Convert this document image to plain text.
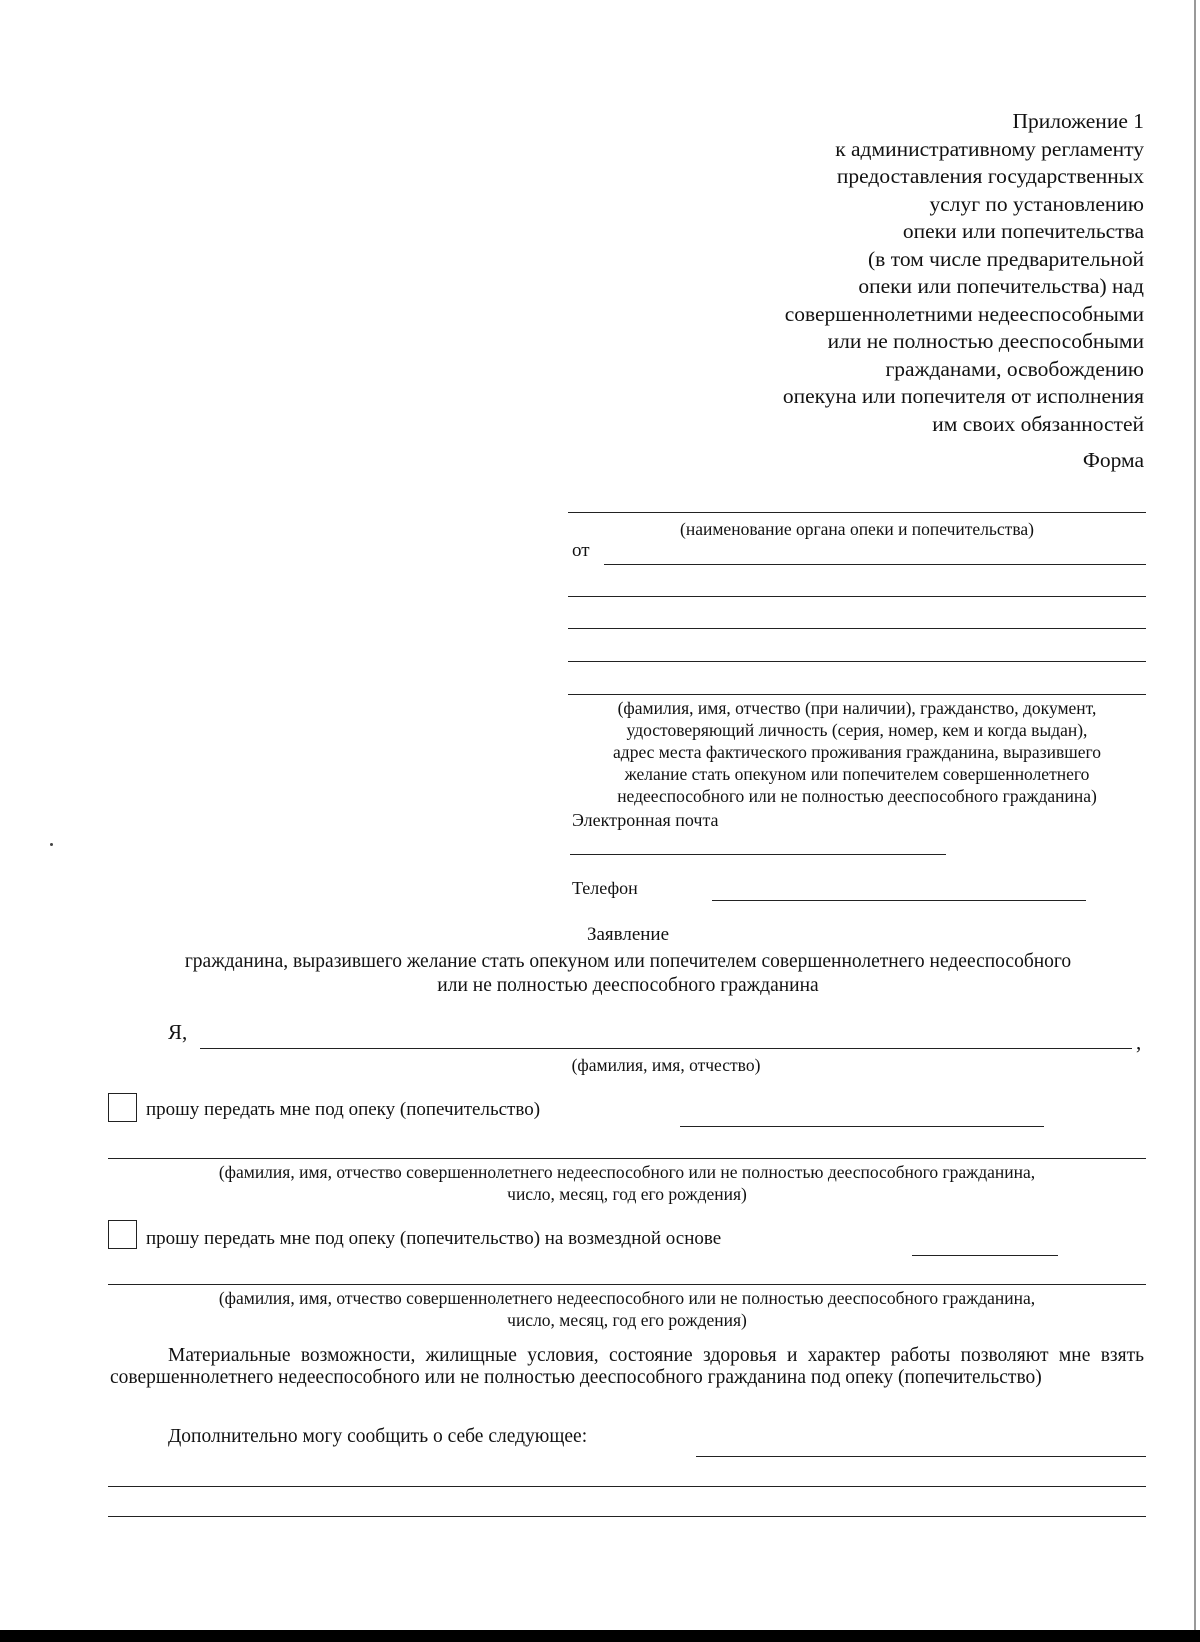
Приложение 1
к административному регламенту
предоставления государственных
услуг по установлению
опеки или попечительства
(в том числе предварительной
опеки или попечительства) над
совершеннолетними недееспособными
или не полностью дееспособными
гражданами, освобождению
опекуна или попечителя от исполнения
им своих обязанностей
Форма
(наименование органа опеки и попечительства)
от
(фамилия, имя, отчество (при наличии), гражданство, документ,
удостоверяющий личность (серия, номер, кем и когда выдан),
адрес места фактического проживания гражданина, выразившего
желание стать опекуном или попечителем совершеннолетнего
недееспособного или не полностью дееспособного гражданина)
Электронная почта
Телефон
Заявление
гражданина, выразившего желание стать опекуном или попечителем совершеннолетнего недееспособного
или не полностью дееспособного гражданина
Я,	,
(фамилия, имя, отчество)
прошу передать мне под опеку (попечительство)
(фамилия, имя, отчество совершеннолетнего недееспособного или не полностью дееспособного гражданина,
число, месяц, год его рождения)
прошу передать мне под опеку (попечительство) на возмездной основе
(фамилия, имя, отчество совершеннолетнего недееспособного или не полностью дееспособного гражданина,
число, месяц, год его рождения)
Материальные возможности, жилищные условия, состояние здоровья и характер работы позволяют мне взять совершеннолетнего недееспособного или не полностью дееспособного гражданина под опеку (попечительство)
Дополнительно могу сообщить о себе следующее:
